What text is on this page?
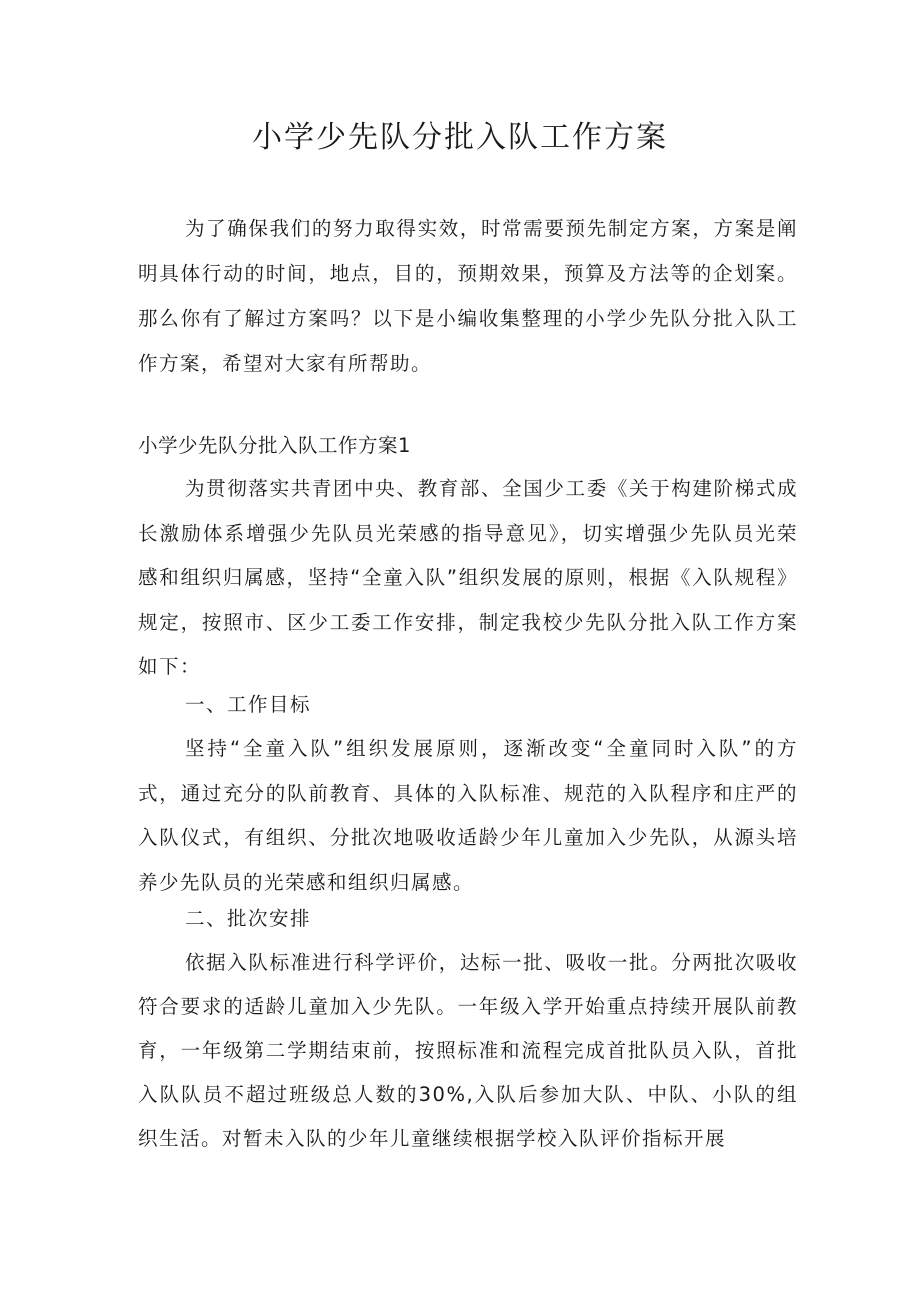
小学少先队分批入队工作方案

为了确保我们的努力取得实效，时常需要预先制定方案，方案是阐明具体行动的时间，地点，目的，预期效果，预算及方法等的企划案。那么你有了解过方案吗？以下是小编收集整理的小学少先队分批入队工作方案，希望对大家有所帮助。

小学少先队分批入队工作方案1

为贯彻落实共青团中央、教育部、全国少工委《关于构建阶梯式成长激励体系增强少先队员光荣感的指导意见》，切实增强少先队员光荣感和组织归属感，坚持“全童入队”组织发展的原则，根据《入队规程》规定，按照市、区少工委工作安排，制定我校少先队分批入队工作方案如下：

一、工作目标

坚持“全童入队”组织发展原则，逐渐改变“全童同时入队”的方式，通过充分的队前教育、具体的入队标准、规范的入队程序和庄严的入队仪式，有组织、分批次地吸收适龄少年儿童加入少先队，从源头培养少先队员的光荣感和组织归属感。

二、批次安排

依据入队标准进行科学评价，达标一批、吸收一批。分两批次吸收符合要求的适龄儿童加入少先队。一年级入学开始重点持续开展队前教育，一年级第二学期结束前，按照标准和流程完成首批队员入队，首批入队队员不超过班级总人数的30%,入队后参加大队、中队、小队的组织生活。对暂未入队的少年儿童继续根据学校入队评价指标开展
